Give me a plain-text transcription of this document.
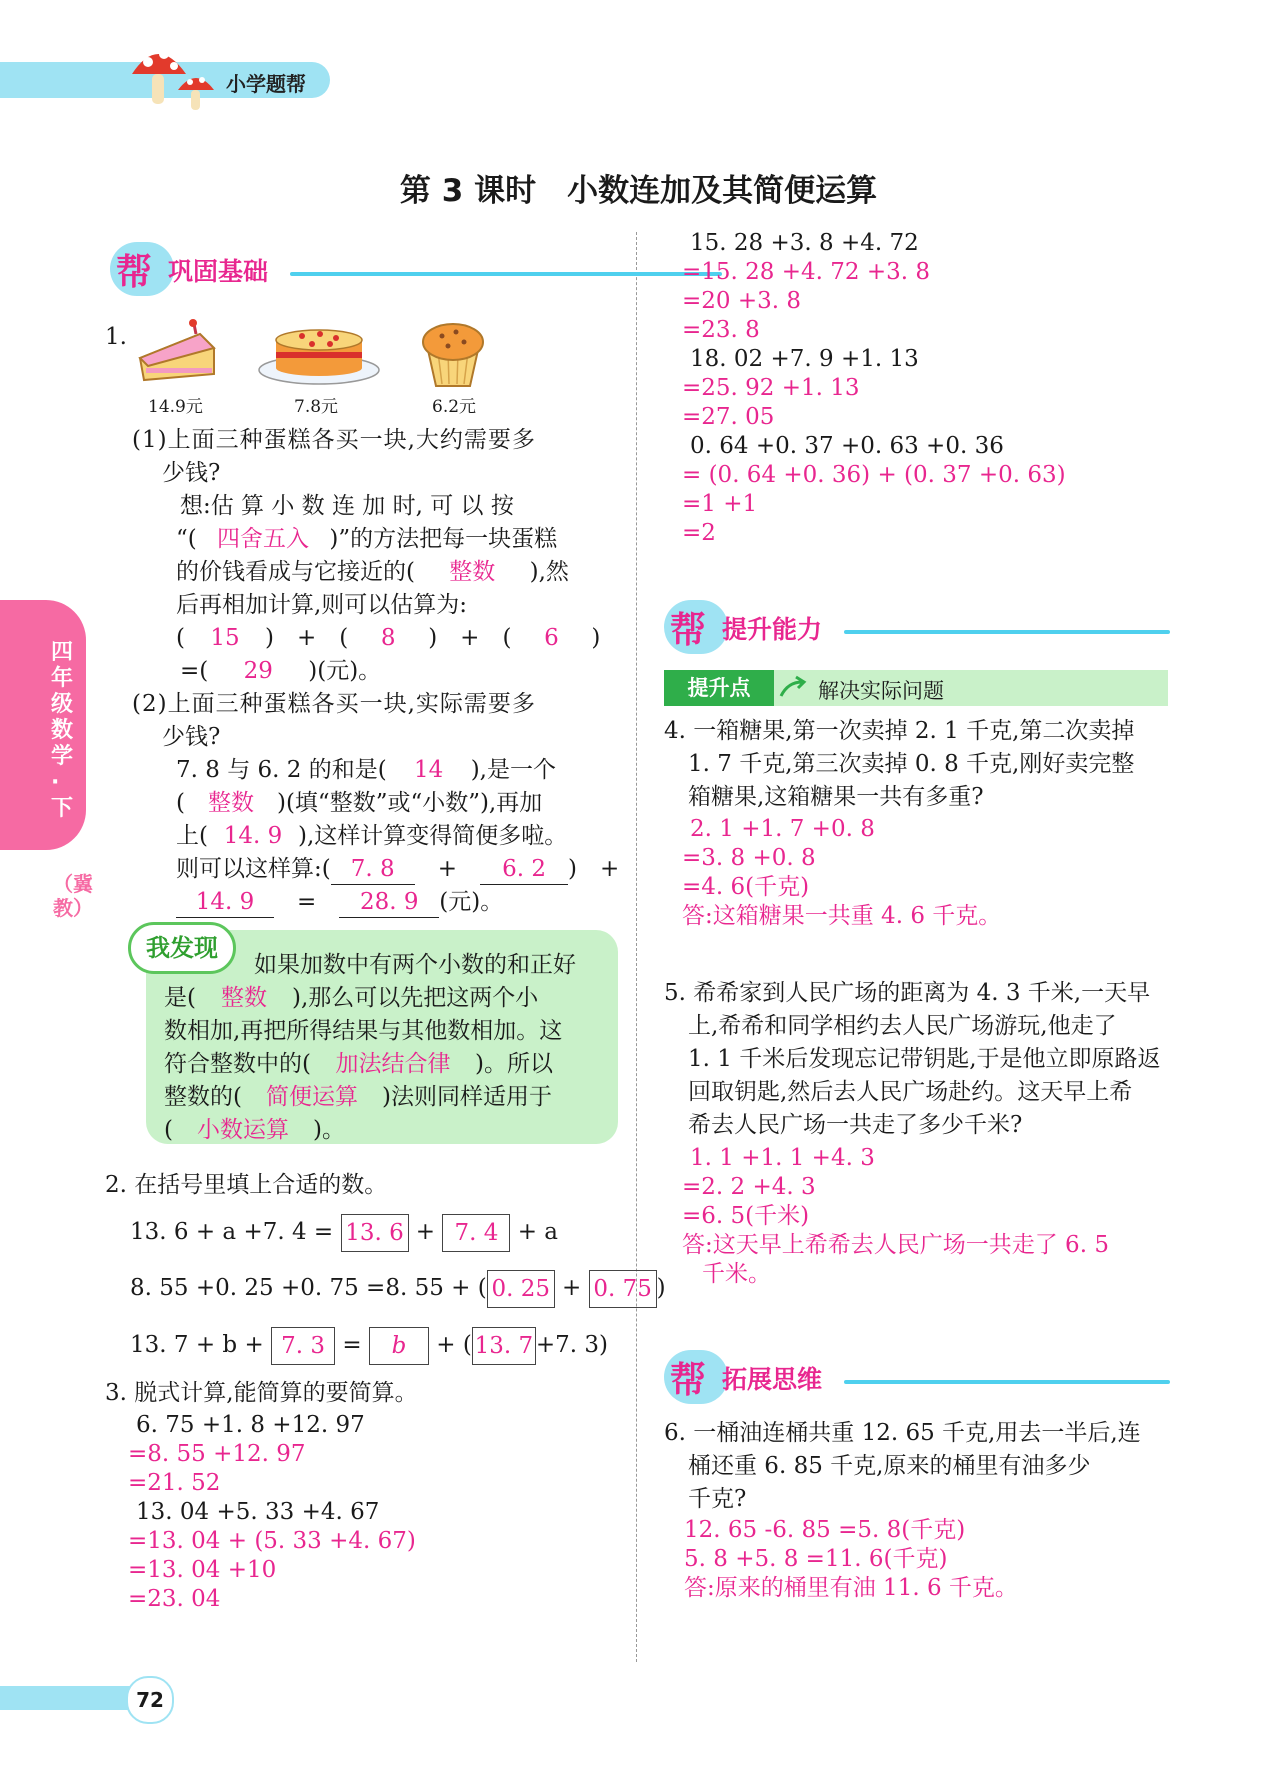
小学题帮
第 3 课时　小数连加及其简便运算
四年级数学·下
（冀教）
帮 巩固基础
1.
14.9元	7.8元	6.2元
(1)上面三种蛋糕各买一块,大约需要多
少钱?
想:估 算 小 数 连 加 时, 可 以 按
“( 四舍五入 )”的方法把每一块蛋糕
的价钱看成与它接近的( 整数 ),然
后再相加计算,则可以估算为:
( 15 )　+　( 8 )　+　( 6 )
=( 29 )(元)。
(2)上面三种蛋糕各买一块,实际需要多
少钱?
7. 8 与 6. 2 的和是( 14 ),是一个
( 整数 )(填“整数”或“小数”),再加
上( 14. 9 ),这样计算变得简便多啦。
则可以这样算:( 7. 8　+　6. 2 )　+
14. 9　=　28. 9 (元)。
我发现
如果加数中有两个小数的和正好
是( 整数 ),那么可以先把这两个小
数相加,再把所得结果与其他数相加。这
符合整数中的( 加法结合律 )。所以
整数的( 简便运算 )法则同样适用于
( 小数运算 )。
2. 在括号里填上合适的数。
13. 6 + a +7. 4 = 13. 6 + 7. 4 + a
8. 55 +0. 25 +0. 75 =8. 55 + ( 0. 25 + 0. 75 )
13. 7 + b + 7. 3 = b + ( 13. 7 +7. 3)
3. 脱式计算,能简算的要简算。
6. 75 +1. 8 +12. 97
=8. 55 +12. 97
=21. 52
13. 04 +5. 33 +4. 67
=13. 04 + (5. 33 +4. 67)
=13. 04 +10
=23. 04
15. 28 +3. 8 +4. 72
=15. 28 +4. 72 +3. 8
=20 +3. 8
=23. 8
18. 02 +7. 9 +1. 13
=25. 92 +1. 13
=27. 05
0. 64 +0. 37 +0. 63 +0. 36
= (0. 64 +0. 36) + (0. 37 +0. 63)
=1 +1
=2
帮 提升能力
提升点	解决实际问题
4. 一箱糖果,第一次卖掉 2. 1 千克,第二次卖掉
1. 7 千克,第三次卖掉 0. 8 千克,刚好卖完整
箱糖果,这箱糖果一共有多重?
2. 1 +1. 7 +0. 8
=3. 8 +0. 8
=4. 6(千克)
答:这箱糖果一共重 4. 6 千克。
5. 希希家到人民广场的距离为 4. 3 千米,一天早
上,希希和同学相约去人民广场游玩,他走了
1. 1 千米后发现忘记带钥匙,于是他立即原路返
回取钥匙,然后去人民广场赴约。这天早上希
希去人民广场一共走了多少千米?
1. 1 +1. 1 +4. 3
=2. 2 +4. 3
=6. 5(千米)
答:这天早上希希去人民广场一共走了 6. 5
千米。
帮 拓展思维
6. 一桶油连桶共重 12. 65 千克,用去一半后,连
桶还重 6. 85 千克,原来的桶里有油多少
千克?
12. 65 -6. 85 =5. 8(千克)
5. 8 +5. 8 =11. 6(千克)
答:原来的桶里有油 11. 6 千克。
72
